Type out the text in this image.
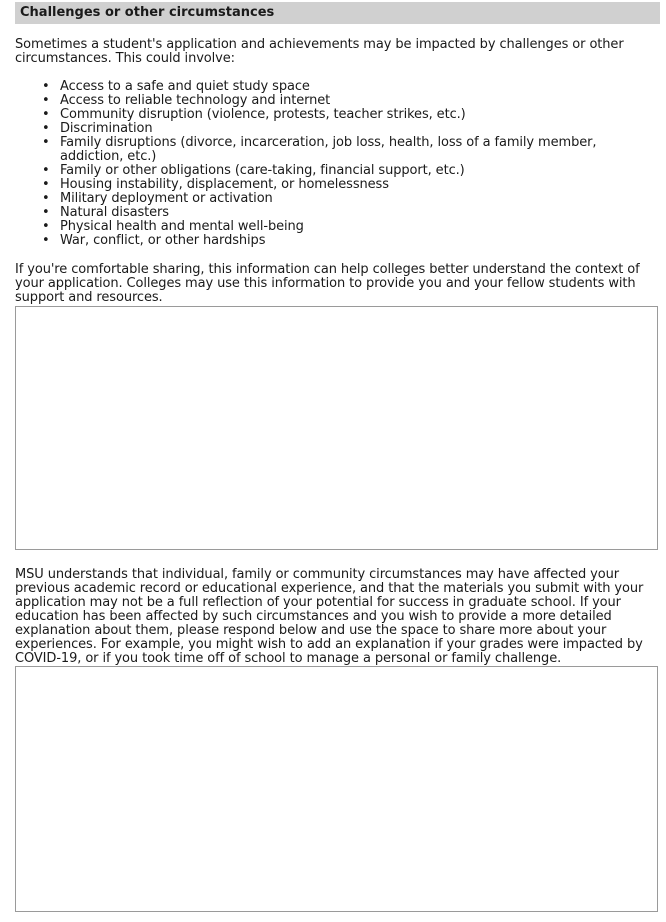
Challenges or other circumstances

Sometimes a student's application and achievements may be impacted by challenges or other circumstances. This could involve:

• Access to a safe and quiet study space
• Access to reliable technology and internet
• Community disruption (violence, protests, teacher strikes, etc.)
• Discrimination
• Family disruptions (divorce, incarceration, job loss, health, loss of a family member, addiction, etc.)
• Family or other obligations (care-taking, financial support, etc.)
• Housing instability, displacement, or homelessness
• Military deployment or activation
• Natural disasters
• Physical health and mental well-being
• War, conflict, or other hardships

If you're comfortable sharing, this information can help colleges better understand the context of your application. Colleges may use this information to provide you and your fellow students with support and resources.

MSU understands that individual, family or community circumstances may have affected your previous academic record or educational experience, and that the materials you submit with your application may not be a full reflection of your potential for success in graduate school. If your education has been affected by such circumstances and you wish to provide a more detailed explanation about them, please respond below and use the space to share more about your experiences. For example, you might wish to add an explanation if your grades were impacted by COVID-19, or if you took time off of school to manage a personal or family challenge.
